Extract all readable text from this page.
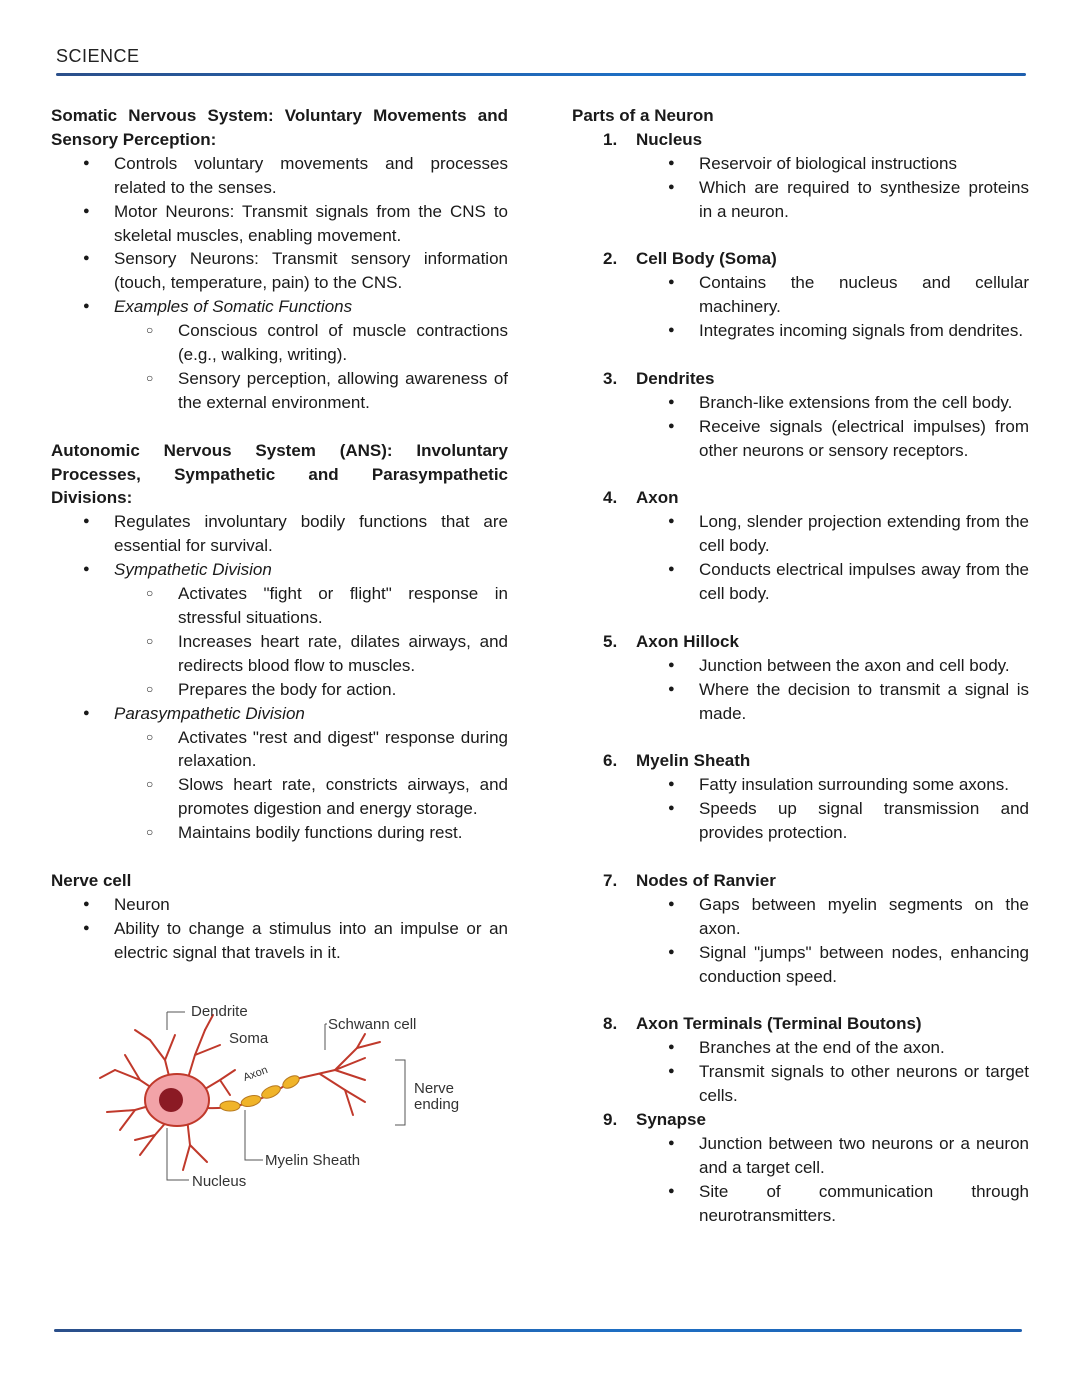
SCIENCE
Somatic Nervous System: Voluntary Movements and Sensory Perception:
● Controls voluntary movements and processes related to the senses.
● Motor Neurons: Transmit signals from the CNS to skeletal muscles, enabling movement.
● Sensory Neurons: Transmit sensory information (touch, temperature, pain) to the CNS.
● Examples of Somatic Functions
○ Conscious control of muscle contractions (e.g., walking, writing).
○ Sensory perception, allowing awareness of the external environment.
Autonomic Nervous System (ANS): Involuntary Processes, Sympathetic and Parasympathetic Divisions:
● Regulates involuntary bodily functions that are essential for survival.
● Sympathetic Division
○ Activates "fight or flight" response in stressful situations.
○ Increases heart rate, dilates airways, and redirects blood flow to muscles.
○ Prepares the body for action.
● Parasympathetic Division
○ Activates "rest and digest" response during relaxation.
○ Slows heart rate, constricts airways, and promotes digestion and energy storage.
○ Maintains bodily functions during rest.
Nerve cell
● Neuron
● Ability to change a stimulus into an impulse or an electric signal that travels in it.
Dendrite
Soma
Schwann cell
Axon
Nerve ending
Myelin Sheath
Nucleus
Parts of a Neuron
1. Nucleus
● Reservoir of biological instructions
● Which are required to synthesize proteins in a neuron.
2. Cell Body (Soma)
● Contains the nucleus and cellular machinery.
● Integrates incoming signals from dendrites.
3. Dendrites
● Branch-like extensions from the cell body.
● Receive signals (electrical impulses) from other neurons or sensory receptors.
4. Axon
● Long, slender projection extending from the cell body.
● Conducts electrical impulses away from the cell body.
5. Axon Hillock
● Junction between the axon and cell body.
● Where the decision to transmit a signal is made.
6. Myelin Sheath
● Fatty insulation surrounding some axons.
● Speeds up signal transmission and provides protection.
7. Nodes of Ranvier
● Gaps between myelin segments on the axon.
● Signal "jumps" between nodes, enhancing conduction speed.
8. Axon Terminals (Terminal Boutons)
● Branches at the end of the axon.
● Transmit signals to other neurons or target cells.
9. Synapse
● Junction between two neurons or a neuron and a target cell.
● Site of communication through neurotransmitters.
